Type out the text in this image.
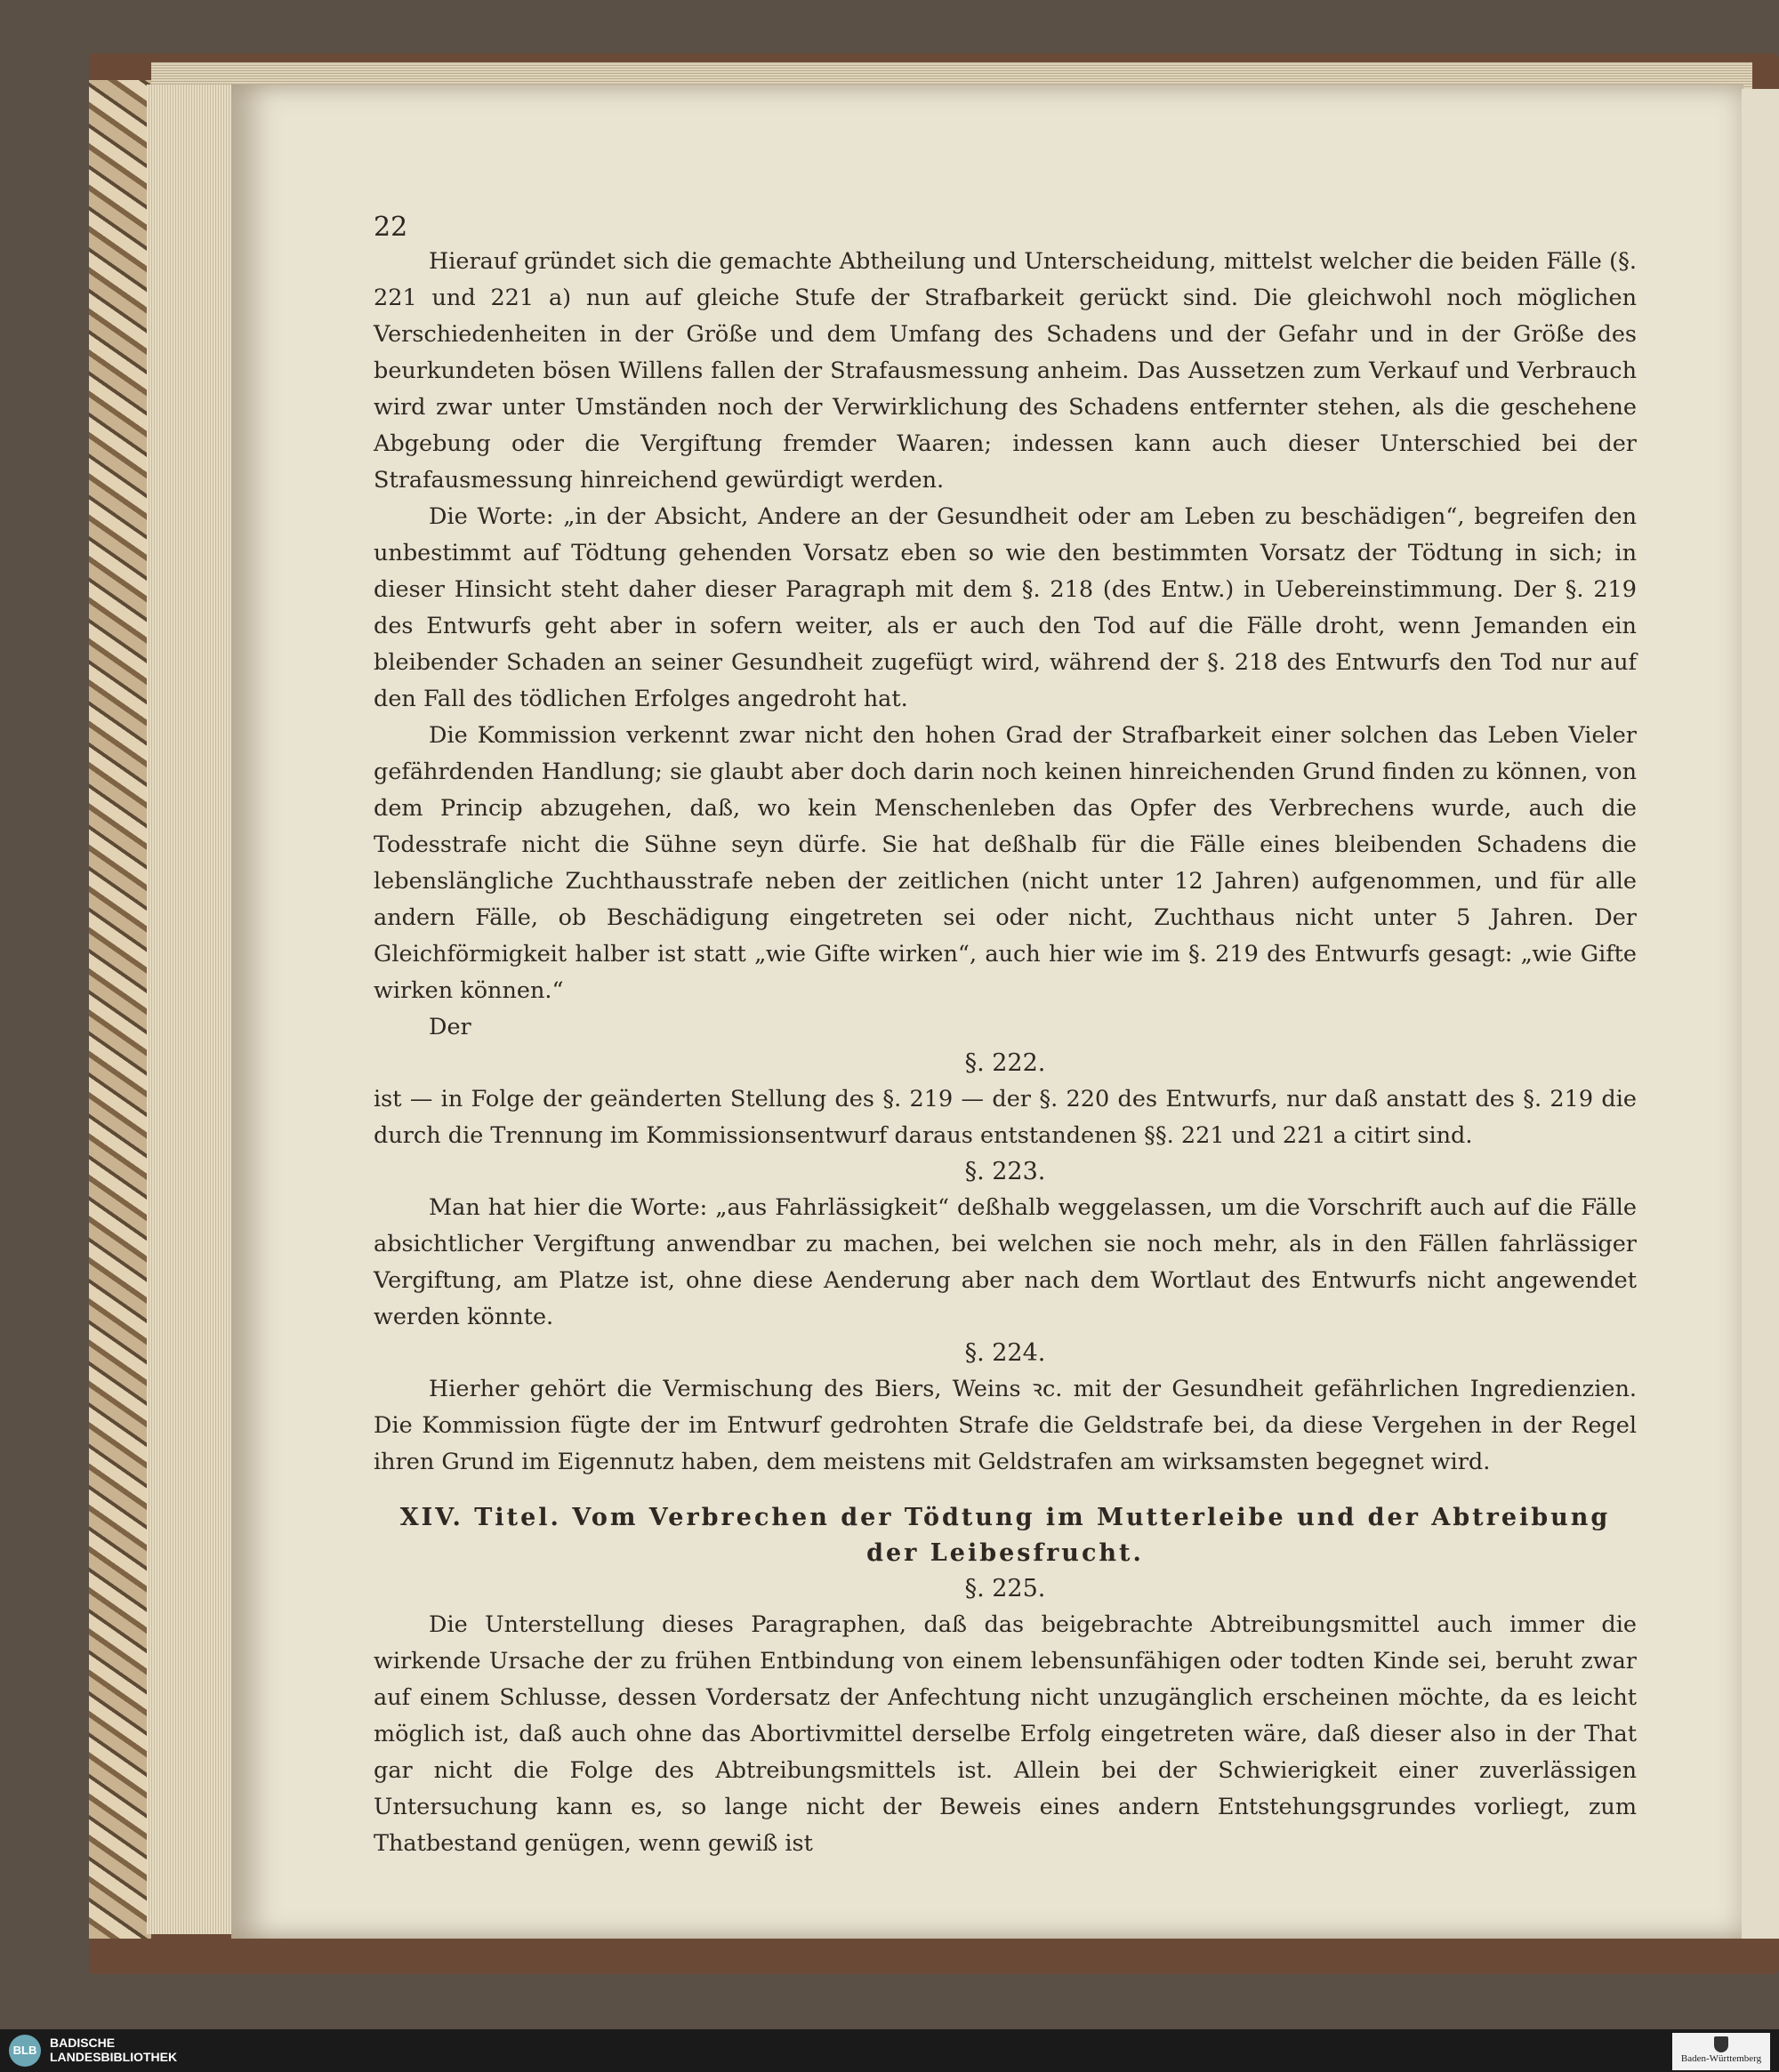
22

Hierauf gründet sich die gemachte Abtheilung und Unterscheidung, mittelst welcher die beiden Fälle (§. 221 und 221 a) nun auf gleiche Stufe der Strafbarkeit gerückt sind. Die gleichwohl noch möglichen Verschiedenheiten in der Größe und dem Umfang des Schadens und der Gefahr und in der Größe des beurkundeten bösen Willens fallen der Strafausmessung anheim. Das Aussetzen zum Verkauf und Verbrauch wird zwar unter Umständen noch der Verwirklichung des Schadens entfernter stehen, als die geschehene Abgebung oder die Vergiftung fremder Waaren; indessen kann auch dieser Unterschied bei der Strafausmessung hinreichend gewürdigt werden.

Die Worte: „in der Absicht, Andere an der Gesundheit oder am Leben zu beschädigen“, begreifen den unbestimmt auf Tödtung gehenden Vorsatz eben so wie den bestimmten Vorsatz der Tödtung in sich; in dieser Hinsicht steht daher dieser Paragraph mit dem §. 218 (des Entw.) in Uebereinstimmung. Der §. 219 des Entwurfs geht aber in sofern weiter, als er auch den Tod auf die Fälle droht, wenn Jemanden ein bleibender Schaden an seiner Gesundheit zugefügt wird, während der §. 218 des Entwurfs den Tod nur auf den Fall des tödlichen Erfolges angedroht hat.

Die Kommission verkennt zwar nicht den hohen Grad der Strafbarkeit einer solchen das Leben Vieler gefährdenden Handlung; sie glaubt aber doch darin noch keinen hinreichenden Grund finden zu können, von dem Princip abzugehen, daß, wo kein Menschenleben das Opfer des Verbrechens wurde, auch die Todesstrafe nicht die Sühne seyn dürfe. Sie hat deßhalb für die Fälle eines bleibenden Schadens die lebenslängliche Zuchthausstrafe neben der zeitlichen (nicht unter 12 Jahren) aufgenommen, und für alle andern Fälle, ob Beschädigung eingetreten sei oder nicht, Zuchthaus nicht unter 5 Jahren. Der Gleichförmigkeit halber ist statt „wie Gifte wirken“, auch hier wie im §. 219 des Entwurfs gesagt: „wie Gifte wirken können.“

Der

§. 222.

ist — in Folge der geänderten Stellung des §. 219 — der §. 220 des Entwurfs, nur daß anstatt des §. 219 die durch die Trennung im Kommissionsentwurf daraus entstandenen §§. 221 und 221 a citirt sind.

§. 223.

Man hat hier die Worte: „aus Fahrlässigkeit“ deßhalb weggelassen, um die Vorschrift auch auf die Fälle absichtlicher Vergiftung anwendbar zu machen, bei welchen sie noch mehr, als in den Fällen fahrlässiger Vergiftung, am Platze ist, ohne diese Aenderung aber nach dem Wortlaut des Entwurfs nicht angewendet werden könnte.

§. 224.

Hierher gehört die Vermischung des Biers, Weins ꝛc. mit der Gesundheit gefährlichen Ingredienzien. Die Kommission fügte der im Entwurf gedrohten Strafe die Geldstrafe bei, da diese Vergehen in der Regel ihren Grund im Eigennutz haben, dem meistens mit Geldstrafen am wirksamsten begegnet wird.

XIV. Titel. Vom Verbrechen der Tödtung im Mutterleibe und der Abtreibung der Leibesfrucht.
§. 225.

Die Unterstellung dieses Paragraphen, daß das beigebrachte Abtreibungsmittel auch immer die wirkende Ursache der zu frühen Entbindung von einem lebensunfähigen oder todten Kinde sei, beruht zwar auf einem Schlusse, dessen Vordersatz der Anfechtung nicht unzugänglich erscheinen möchte, da es leicht möglich ist, daß auch ohne das Abortivmittel derselbe Erfolg eingetreten wäre, daß dieser also in der That gar nicht die Folge des Abtreibungsmittels ist. Allein bei der Schwierigkeit einer zuverlässigen Untersuchung kann es, so lange nicht der Beweis eines andern Entstehungsgrundes vorliegt, zum Thatbestand genügen, wenn gewiß ist

BLB
BADISCHE
LANDESBIBLIOTHEK	Baden-Württemberg
